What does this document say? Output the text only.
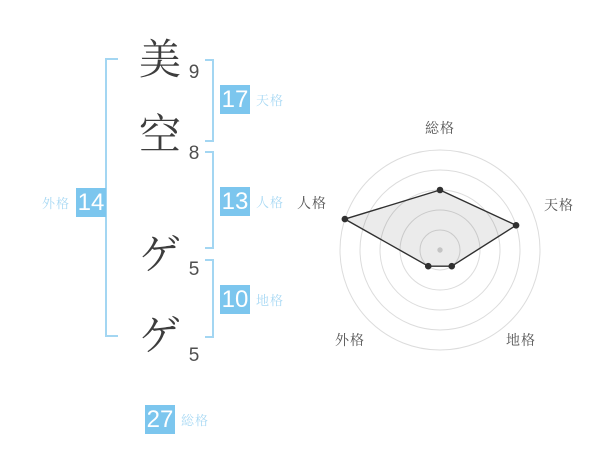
美
空
ゲ
ゲ
9
8
5
5
17 天格
13 人格
10 地格
外格 14
27 総格
総格
天格
地格
外格
人格
